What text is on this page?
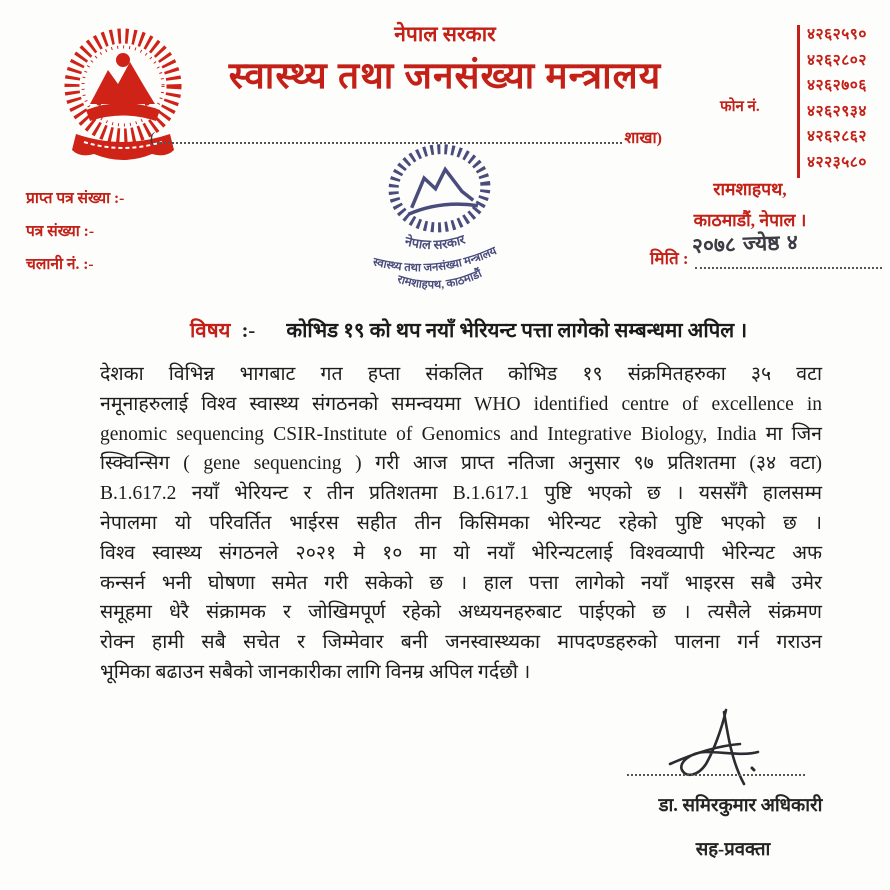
नेपाल सरकार
स्वास्थ्य तथा जनसंख्या मन्त्रालय
(	शाखा)
फोन नं.
४२६२५९०
४२६२८०२
४२६२७०६
४२६२९३४
४२६२८६२
४२२३५८०
प्राप्त पत्र संख्या :-
पत्र संख्या :-
चलानी नं. :-
नेपाल सरकार
स्वास्थ्य तथा जनसंख्या मन्त्रालय
रामशाहपथ, काठमाडौं
रामशाहपथ,
काठमाडौं, नेपाल ।
२०७८ ज्येष्ठ ४
मिति :
विषय :- कोभिड १९ को थप नयाँ भेरियन्ट पत्ता लागेको सम्बन्धमा अपिल ।
देशका विभिन्न भागबाट गत हप्ता संकलित कोभिड १९ संक्रमितहरुका ३५ वटा
नमूनाहरुलाई विश्व स्वास्थ्य संगठनको समन्वयमा WHO identified centre of excellence in
genomic sequencing CSIR-Institute of Genomics and Integrative Biology, India मा जिन
स्क्विन्सिग ( gene sequencing ) गरी आज प्राप्त नतिजा अनुसार ९७ प्रतिशतमा (३४ वटा)
B.1.617.2 नयाँ भेरियन्ट र तीन प्रतिशतमा B.1.617.1 पुष्टि भएको छ । यससँगै हालसम्म
नेपालमा यो परिवर्तित भाईरस सहीत तीन किसिमका भेरिन्यट रहेको पुष्टि भएको छ ।
विश्व स्वास्थ्य संगठनले २०२१ मे १० मा यो नयाँ भेरिन्यटलाई विश्वव्यापी भेरिन्यट अफ
कन्सर्न भनी घोषणा समेत गरी सकेको छ । हाल पत्ता लागेको नयाँ भाइरस सबै उमेर
समूहमा धेरै संक्रामक र जोखिमपूर्ण रहेको अध्ययनहरुबाट पाईएको छ । त्यसैले संक्रमण
रोक्न हामी सबै सचेत र जिम्मेवार बनी जनस्वास्थ्यका मापदण्डहरुको पालना गर्न गराउन
भूमिका बढाउन सबैको जानकारीका लागि विनम्र अपिल गर्दछौ ।
डा. समिरकुमार अधिकारी
सह-प्रवक्ता
